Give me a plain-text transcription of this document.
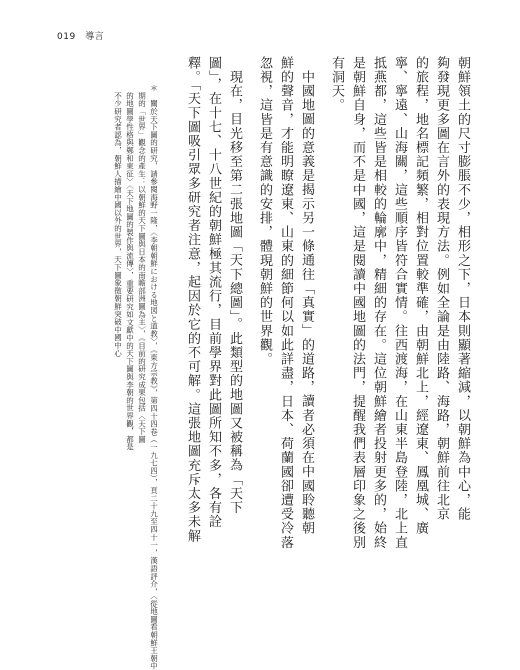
019 導言
朝鮮領土的尺寸膨脹不少，相形之下，日本則顯著縮減，以朝鮮為中心，能
夠發現更多圖在言外的表現方法。例如全論是由陸路、海路，朝鮮前往北京
的旅程，地名標記頻繁，相對位置較準確，由朝鮮北上，經遼東、鳳凰城、廣
寧、寧遠、山海關，這些順序皆符合實情。往西渡海，在山東半島登陸，北上直
抵燕都，這些皆是相較的輪廓中，精細的存在。這位朝鮮繪者投射更多的，始終
是朝鮮自身，而不是中國，這是閱讀中國地圖的法門，提醒我們表層印象之後別
有洞天。
中國地圖的意義是揭示另一條通往「真實」的道路，讀者必須在中國聆聽朝
鮮的聲音，才能明瞭遼東、山東的細節何以如此詳盡，日本、荷蘭國卻遭受冷落
忽視，這皆是有意識的安排，體現朝鮮的世界觀。
現在，目光移至第二張地圖「天下總圖」。此類型的地圖又被稱為「天下
圖」，在十七、十八世紀的朝鮮極其流行，目前學界對此圖所知不多，各有詮
釋。「天下圖吸引眾多研究者注意，起因於它的不可解。這張地圖充斥太多未解
＊　關於天下圖的研究，請參閱海野一隆，〈李朝朝鮮における地図と道教〉，《東方宗教》，第四十四卷（一九七四），頁二十九至四十一，漢語評介，〈從地圖看朝鮮王朝中
　期的「世界」觀念的產生：以朝鮮的天下圖與日本的南瞻部洲圖為主〉，《目前的研究成果包括〈天下圖
　的地圖學性格與鄭和東征〉〈天下地圖的製作與流傳〉，重要研究如文獻中的天下圖與李朝的世界觀，都是
　不少研究者認為，朝鮮人描繪中國以外的世界，天下圖象徵朝鮮突破中國中心
